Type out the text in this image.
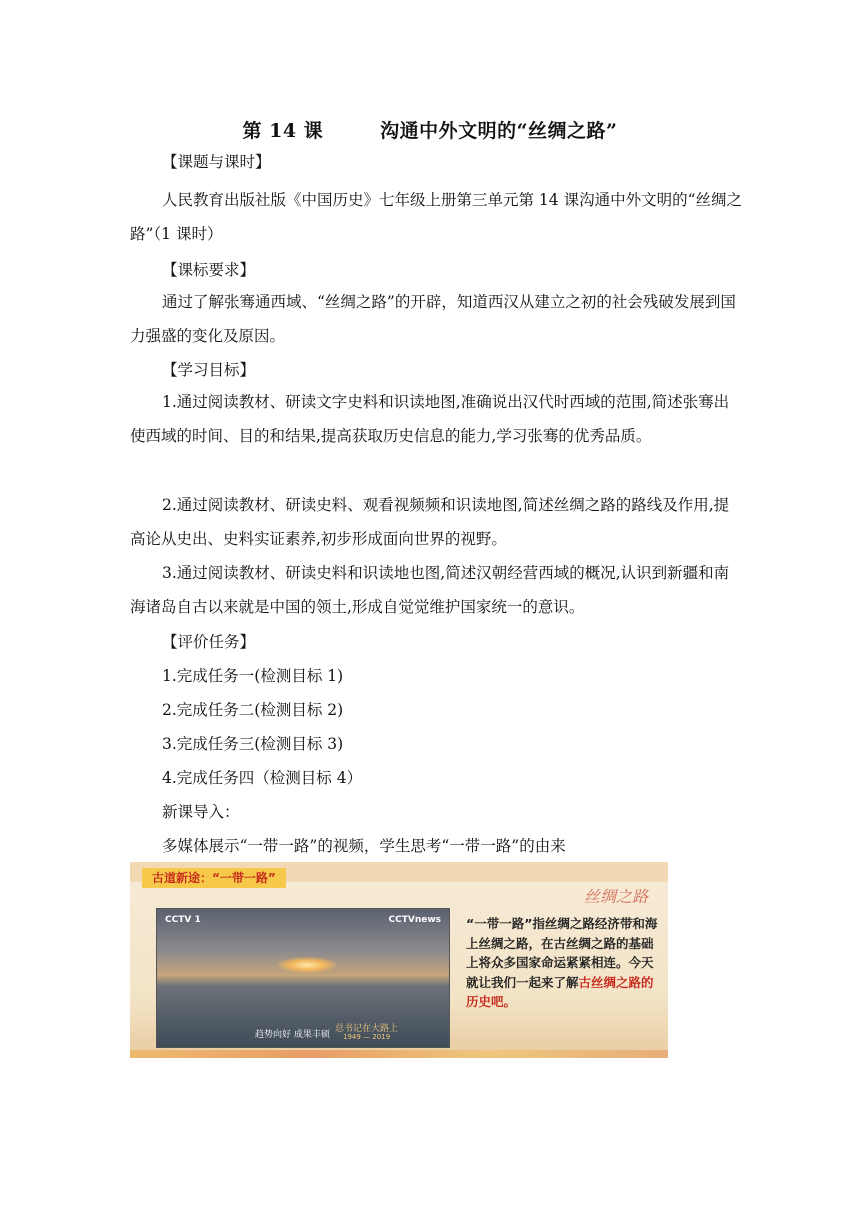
第 14 课        沟通中外文明的“丝绸之路”
【课题与课时】
人民教育出版社版《中国历史》七年级上册第三单元第 14 课沟通中外文明的“丝绸之路”（1 课时）
【课标要求】
通过了解张骞通西域、“丝绸之路”的开辟，知道西汉从建立之初的社会残破发展到国力强盛的变化及原因。
【学习目标】
1.通过阅读教材、研读文字史料和识读地图,准确说出汉代时西域的范围,简述张骞出使西域的时间、目的和结果,提高获取历史信息的能力,学习张骞的优秀品质。
2.通过阅读教材、研读史料、观看视频频和识读地图,简述丝绸之路的路线及作用,提高论从史出、史料实证素养,初步形成面向世界的视野。
3.通过阅读教材、研读史料和识读地也图,简述汉朝经营西域的概况,认识到新疆和南海诸岛自古以来就是中国的领土,形成自觉觉维护国家统一的意识。
【评价任务】
1.完成任务一(检测目标 1)
2.完成任务二(检测目标 2)
3.完成任务三(检测目标 3)
4.完成任务四（检测目标 4）
新课导入：
多媒体展示“一带一路”的视频，学生思考“一带一路”的由来
古道新途：“一带一路”
丝绸之路
CCTV 1	CCTVnews
趋势向好 成果丰硕
总书记在大路上
1949 — 2019
“一带一路”指丝绸之路经济带和海上丝绸之路，在古丝绸之路的基础上将众多国家命运紧紧相连。今天就让我们一起来了解古丝绸之路的历史吧。
